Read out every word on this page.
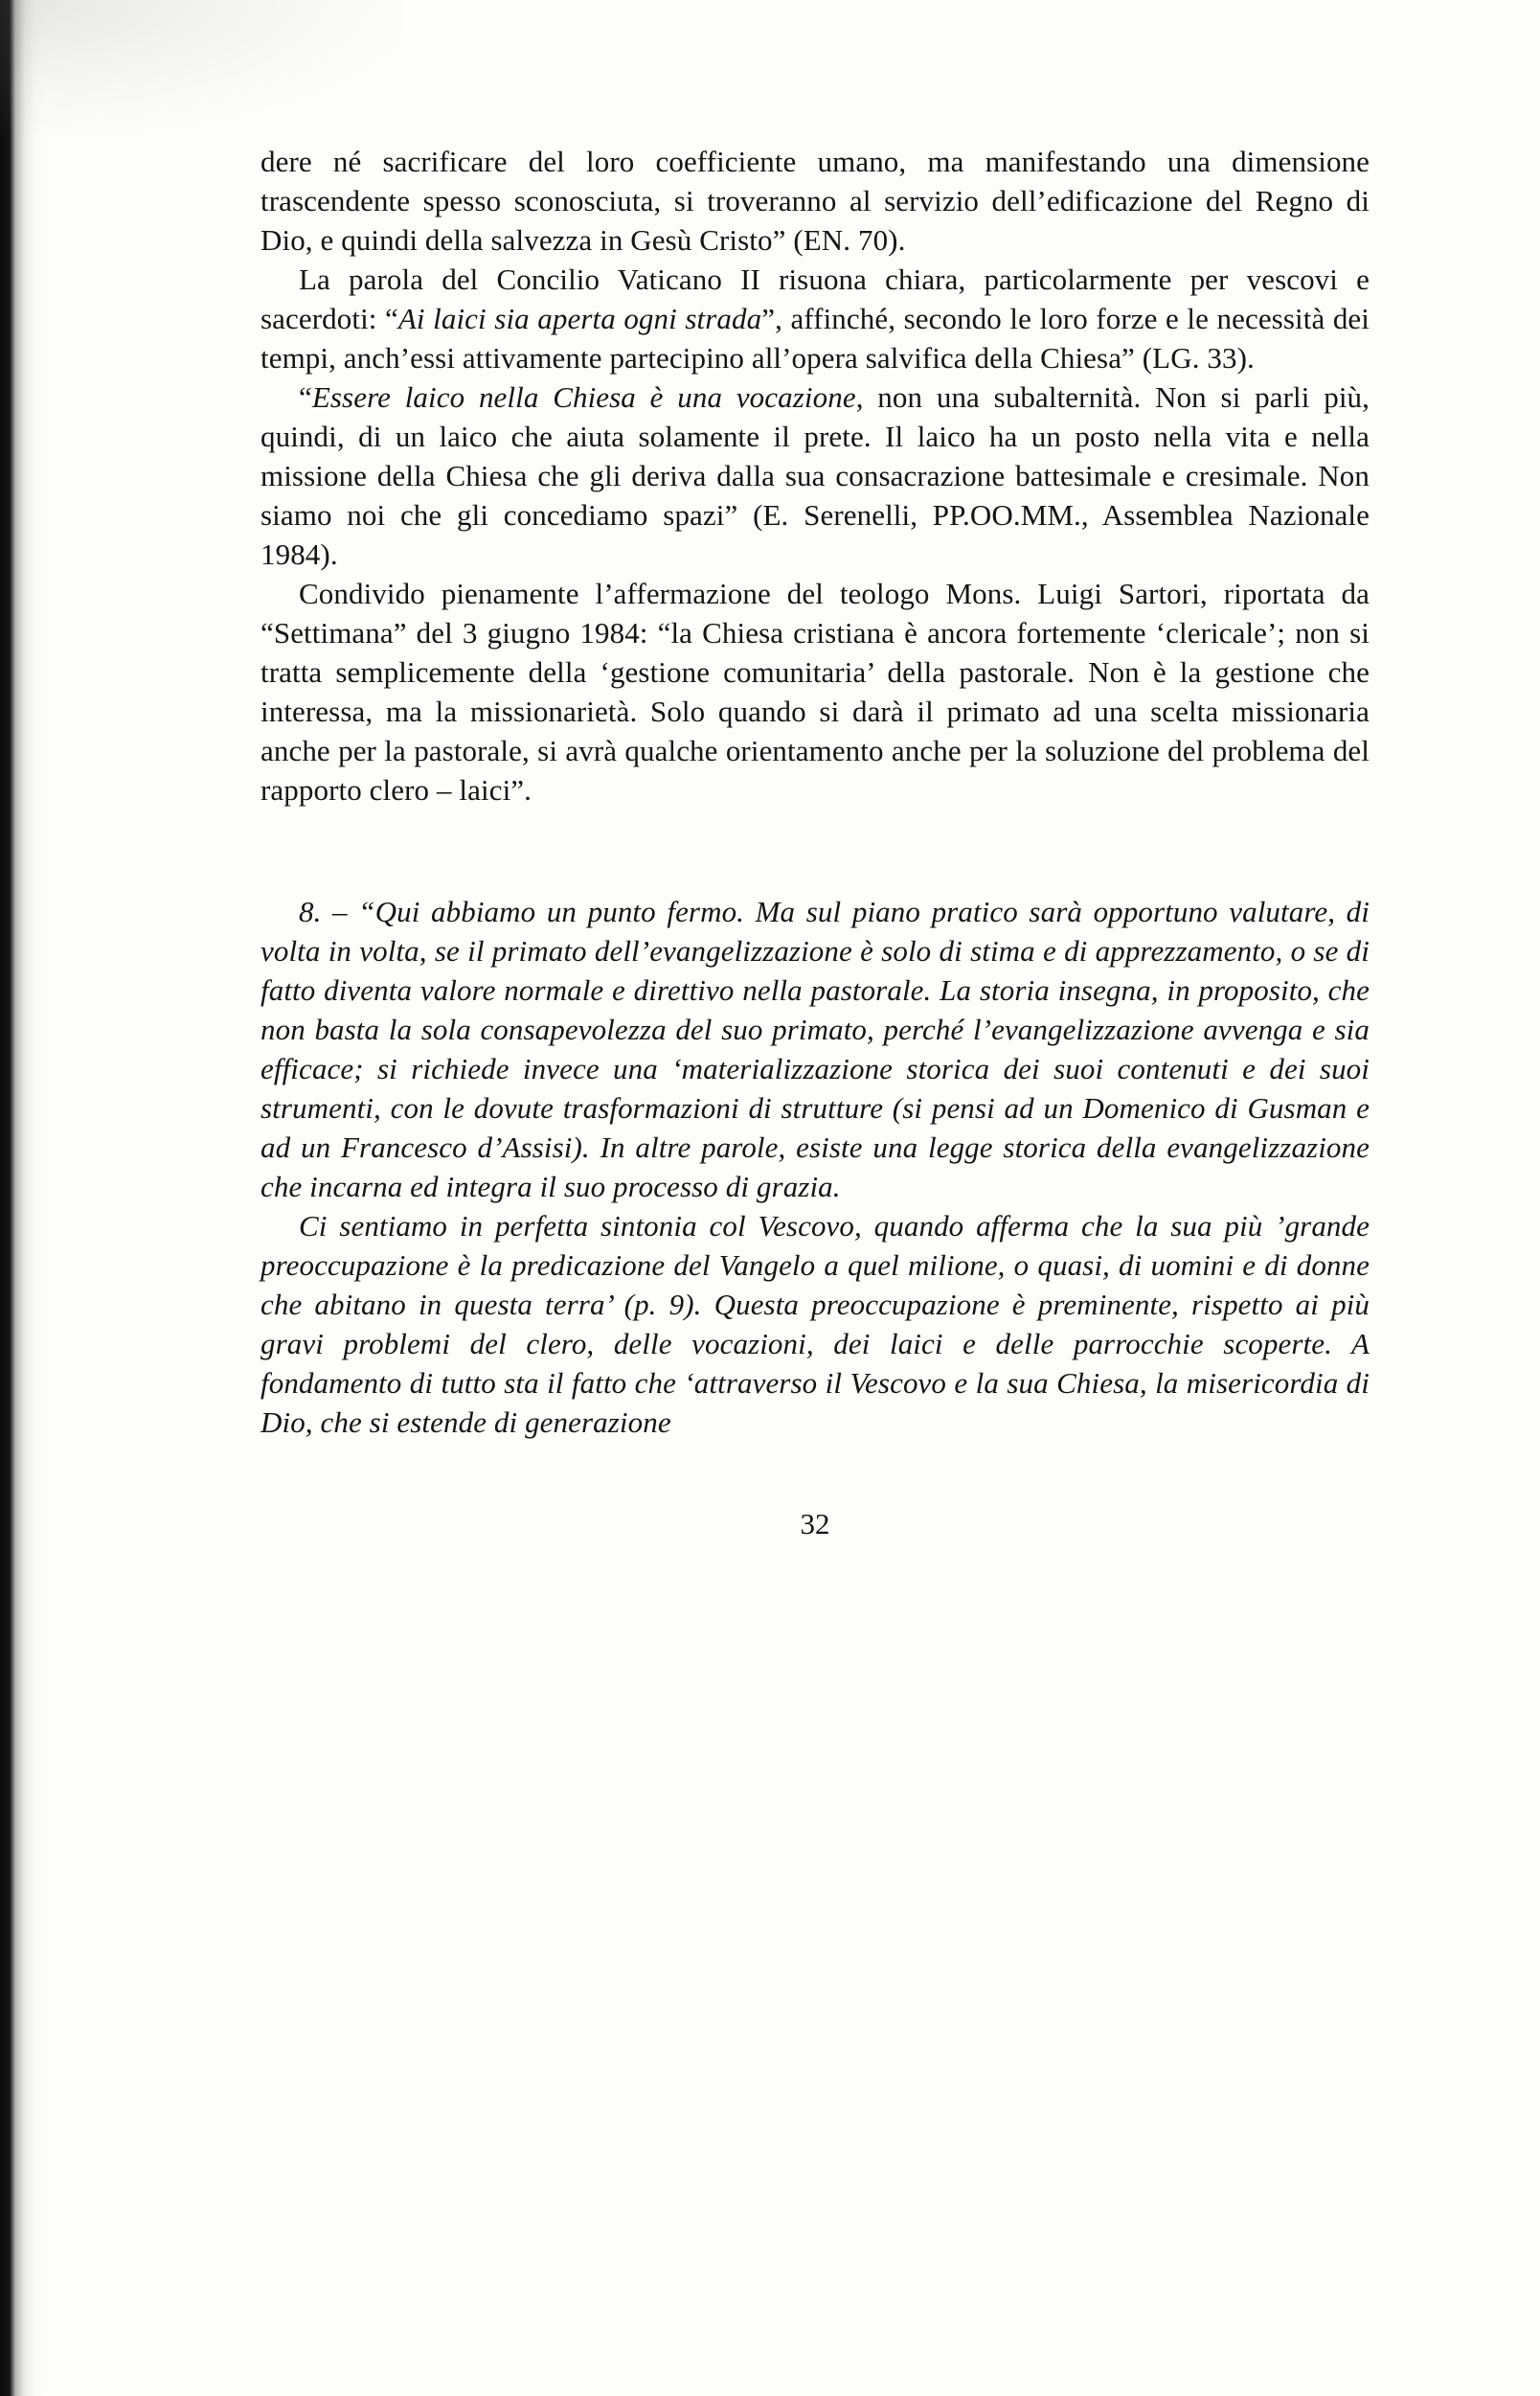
dere né sacrificare del loro coefficiente umano, ma manifestando una dimensione trascendente spesso sconosciuta, si troveranno al servizio dell’edificazione del Regno di Dio, e quindi della salvezza in Gesù Cristo” (EN. 70).

La parola del Concilio Vaticano II risuona chiara, particolarmente per vescovi e sacerdoti: “Ai laici sia aperta ogni strada”, affinché, secondo le loro forze e le necessità dei tempi, anch’essi attivamente partecipino all’opera salvifica della Chiesa” (LG. 33).

“Essere laico nella Chiesa è una vocazione, non una subalternità. Non si parli più, quindi, di un laico che aiuta solamente il prete. Il laico ha un posto nella vita e nella missione della Chiesa che gli deriva dalla sua consacrazione battesimale e cresimale. Non siamo noi che gli concediamo spazi” (E. Serenelli, PP.OO.MM., Assemblea Nazionale 1984).

Condivido pienamente l’affermazione del teologo Mons. Luigi Sartori, riportata da “Settimana” del 3 giugno 1984: “la Chiesa cristiana è ancora fortemente ‘clericale’; non si tratta semplicemente della ‘gestione comunitaria’ della pastorale. Non è la gestione che interessa, ma la missionarietà. Solo quando si darà il primato ad una scelta missionaria anche per la pastorale, si avrà qualche orientamento anche per la soluzione del problema del rapporto clero – laici”.

8. – “Qui abbiamo un punto fermo. Ma sul piano pratico sarà opportuno valutare, di volta in volta, se il primato dell’evangelizzazione è solo di stima e di apprezzamento, o se di fatto diventa valore normale e direttivo nella pastorale. La storia insegna, in proposito, che non basta la sola consapevolezza del suo primato, perché l’evangelizzazione avvenga e sia efficace; si richiede invece una ‘materializzazione storica dei suoi contenuti e dei suoi strumenti, con le dovute trasformazioni di strutture (si pensi ad un Domenico di Gusman e ad un Francesco d’Assisi). In altre parole, esiste una legge storica della evangelizzazione che incarna ed integra il suo processo di grazia.

Ci sentiamo in perfetta sintonia col Vescovo, quando afferma che la sua più ’grande preoccupazione è la predicazione del Vangelo a quel milione, o quasi, di uomini e di donne che abitano in questa terra’ (p. 9). Questa preoccupazione è preminente, rispetto ai più gravi problemi del clero, delle vocazioni, dei laici e delle parrocchie scoperte. A fondamento di tutto sta il fatto che ‘attraverso il Vescovo e la sua Chiesa, la misericordia di Dio, che si estende di generazione

32
